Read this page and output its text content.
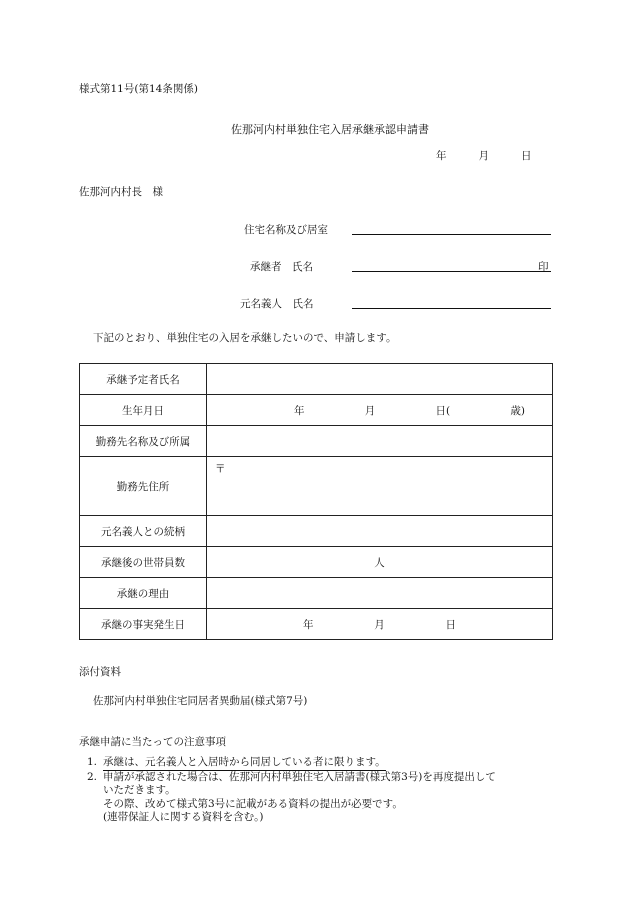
様式第11号(第14条関係)
佐那河内村単独住宅入居承継承認申請書
年	月	日
佐那河内村長　様
住宅名称及び居室
承継者　氏名	印
元名義人　氏名
下記のとおり、単独住宅の入居を承継したいので、申請します。
承継予定者氏名	
生年月日	年 月 日( 歳)

勤務先名称及び所属	
勤務先住所	〒

元名義人との続柄	
承継後の世帯員数	人
承継の理由	
承継の事実発生日	年 月 日
添付資料
佐那河内村単独住宅同居者異動届(様式第7号)
承継申請に当たっての注意事項
1. 承継は、元名義人と入居時から同居している者に限ります。
2. 申請が承認された場合は、佐那河内村単独住宅入居請書(様式第3号)を再度提出して
いただきます。
その際、改めて様式第3号に記載がある資料の提出が必要です。
(連帯保証人に関する資料を含む。)
